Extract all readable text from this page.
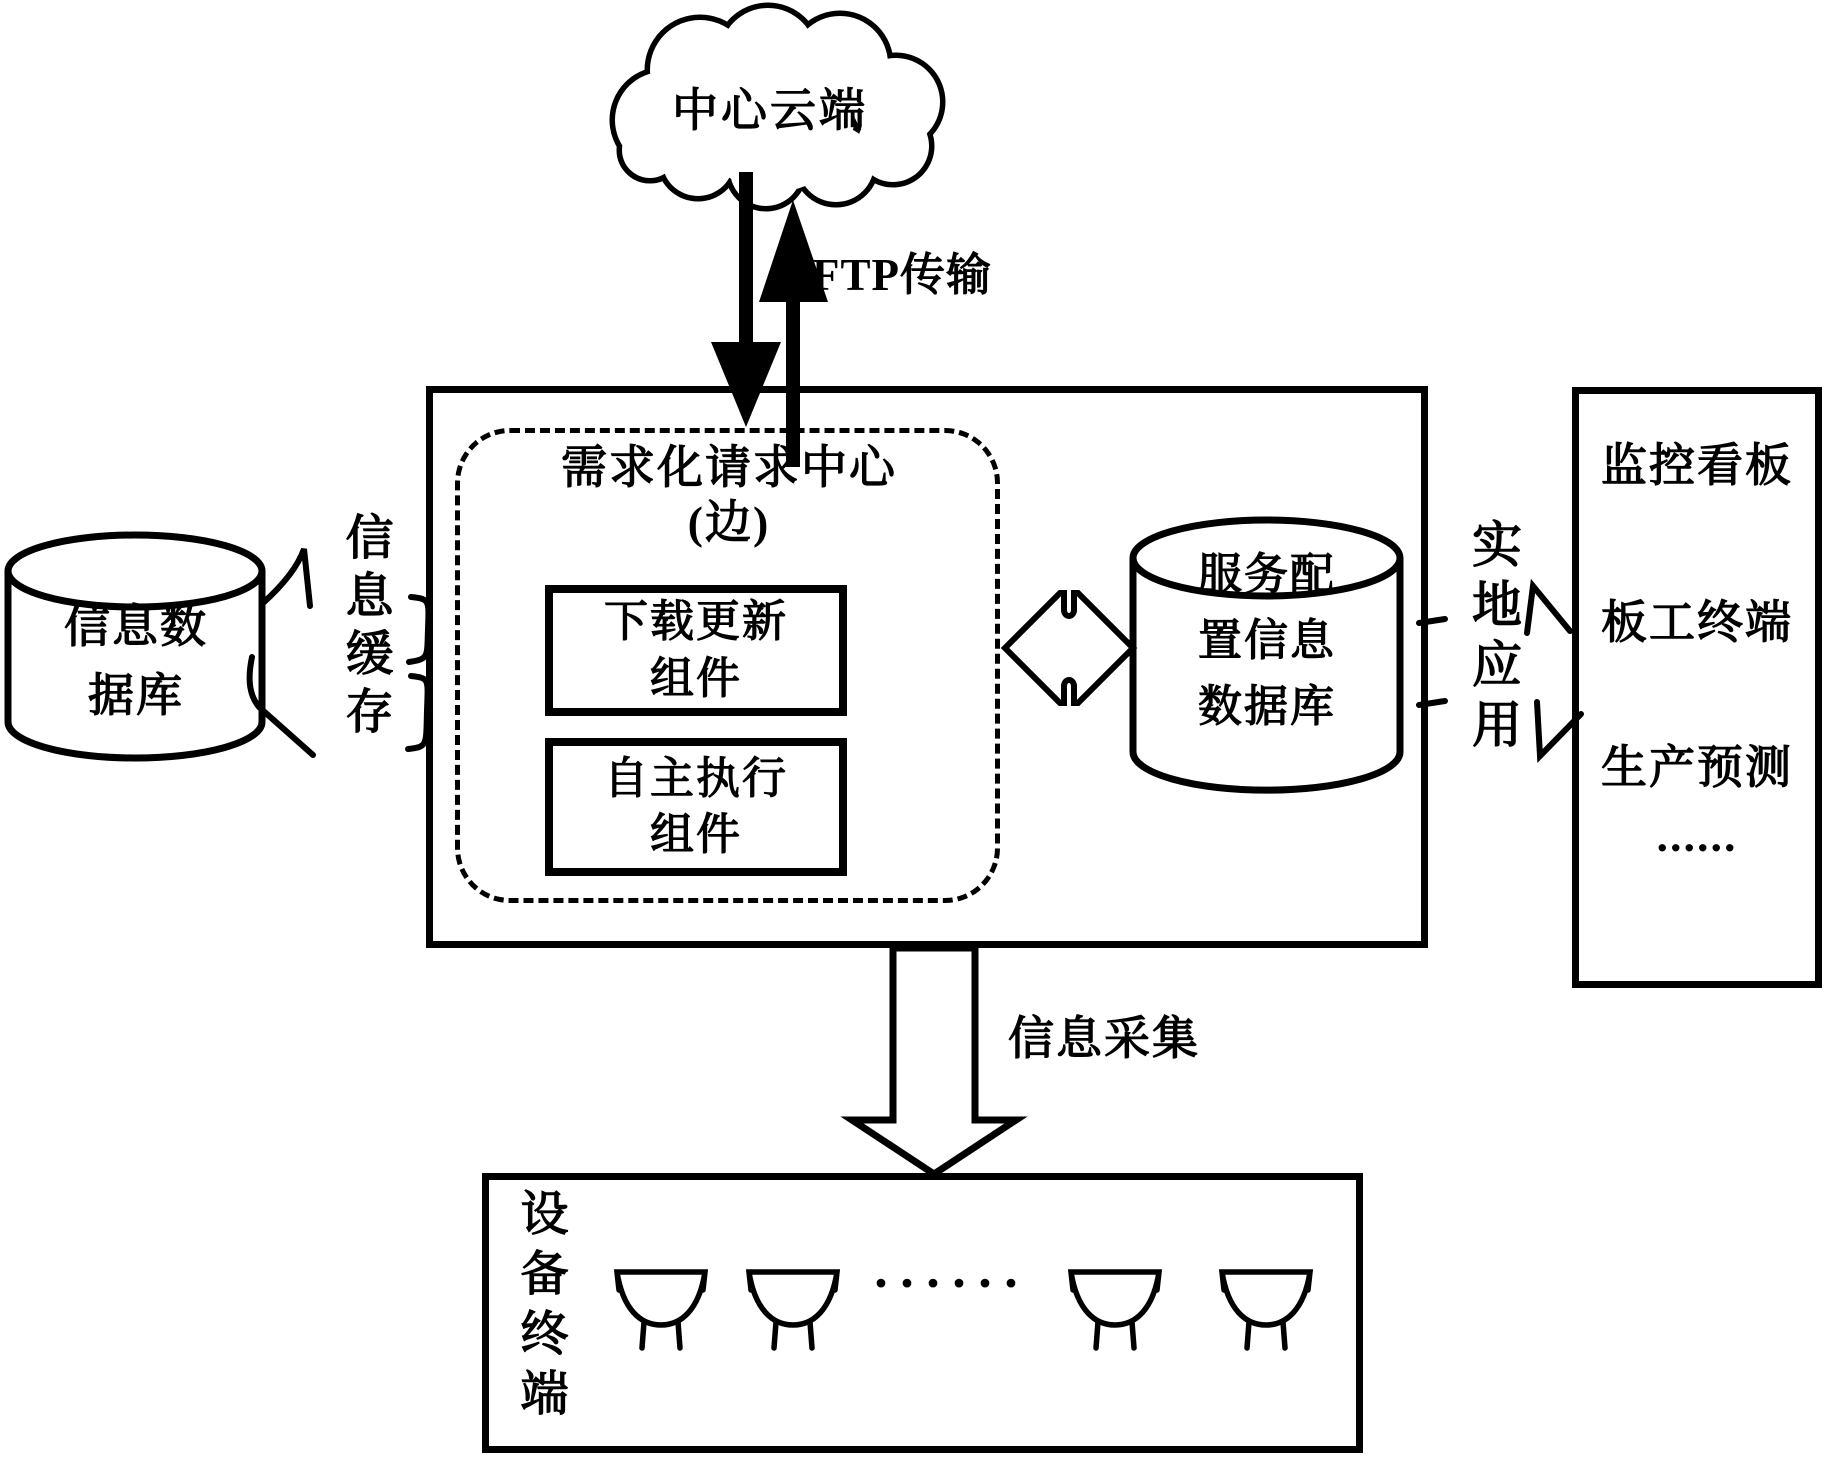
监控看板
板工终端
生产预测
......
中心云端
FTP传输
需求化请求中心
(边)
下载更新
组件
自主执行
组件
服务配
置信息
数据库
信息数
据库	信息缓存	实地应用
信息采集
设备终端	······
